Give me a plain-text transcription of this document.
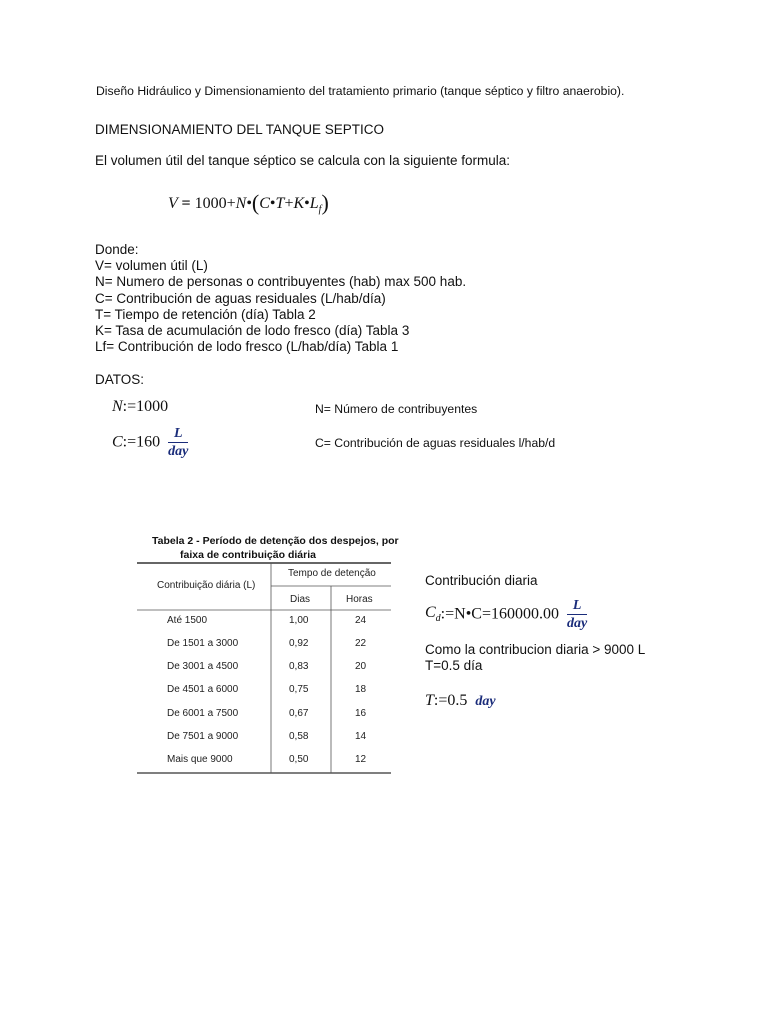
Diseño Hidráulico y Dimensionamiento del tratamiento primario (tanque séptico y filtro anaerobio).
DIMENSIONAMIENTO DEL TANQUE SEPTICO
El volumen útil del tanque séptico se calcula con la siguiente formula:
$V = 1000+N•(C•T+K•L_f)$
Donde:
V= volumen útil (L)
N= Numero de personas o contribuyentes (hab) max 500 hab.
C= Contribución de aguas residuales (L/hab/día)
T= Tiempo de retención (día) Tabla 2
K= Tasa de acumulación de lodo fresco (día) Tabla 3
Lf= Contribución de lodo fresco (L/hab/día) Tabla 1
DATOS:
N:=1000	N= Número de contribuyentes
C:=160 $\frac{L}{\text{day}}$	C= Contribución de aguas residuales l/hab/d
Tabela 2 - Período de detenção dos despejos, por
faixa de contribuição diária
Contribuição diária (L)
Tempo de detenção
Dias	Horas
Até 1500	1,00	24
De 1501 a 3000	0,92	22
De 3001 a 4500	0,83	20
De 4501 a 6000	0,75	18
De 6001 a 7500	0,67	16
De 7501 a 9000	0,58	14
Mais que 9000	0,50	12
Contribución diaria
$C_d:=N•C=160000.00 \frac{L}{\text{day}}$
Como la contribucion diaria > 9000 L
T=0.5 día
T:=0.5 day
